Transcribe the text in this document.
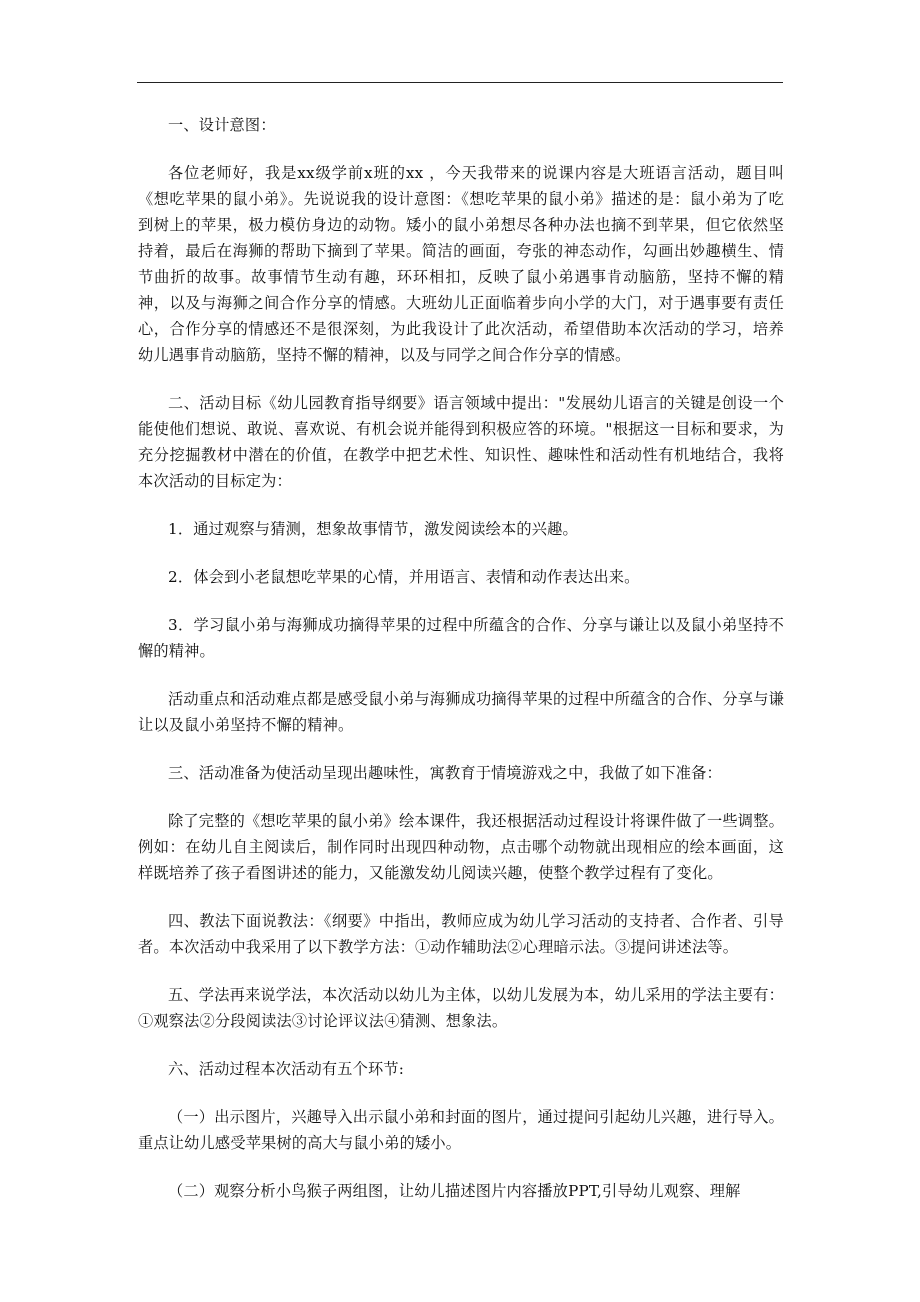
一、设计意图：

各位老师好，我是xx级学前x班的xx ，今天我带来的说课内容是大班语言活动，题目叫《想吃苹果的鼠小弟》。先说说我的设计意图：《想吃苹果的鼠小弟》描述的是：鼠小弟为了吃到树上的苹果，极力模仿身边的动物。矮小的鼠小弟想尽各种办法也摘不到苹果，但它依然坚持着，最后在海狮的帮助下摘到了苹果。简洁的画面，夸张的神态动作，勾画出妙趣横生、情节曲折的故事。故事情节生动有趣，环环相扣，反映了鼠小弟遇事肯动脑筋，坚持不懈的精神，以及与海狮之间合作分享的情感。大班幼儿正面临着步向小学的大门，对于遇事要有责任心，合作分享的情感还不是很深刻，为此我设计了此次活动，希望借助本次活动的学习，培养幼儿遇事肯动脑筋，坚持不懈的精神，以及与同学之间合作分享的情感。

二、活动目标《幼儿园教育指导纲要》语言领域中提出："发展幼儿语言的关键是创设一个能使他们想说、敢说、喜欢说、有机会说并能得到积极应答的环境。"根据这一目标和要求，为充分挖掘教材中潜在的价值，在教学中把艺术性、知识性、趣味性和活动性有机地结合，我将本次活动的目标定为：

1．通过观察与猜测，想象故事情节，激发阅读绘本的兴趣。

2．体会到小老鼠想吃苹果的心情，并用语言、表情和动作表达出来。

3．学习鼠小弟与海狮成功摘得苹果的过程中所蕴含的合作、分享与谦让以及鼠小弟坚持不懈的精神。

活动重点和活动难点都是感受鼠小弟与海狮成功摘得苹果的过程中所蕴含的合作、分享与谦让以及鼠小弟坚持不懈的精神。

三、活动准备为使活动呈现出趣味性，寓教育于情境游戏之中，我做了如下准备：

除了完整的《想吃苹果的鼠小弟》绘本课件，我还根据活动过程设计将课件做了一些调整。例如：在幼儿自主阅读后，制作同时出现四种动物，点击哪个动物就出现相应的绘本画面，这样既培养了孩子看图讲述的能力，又能激发幼儿阅读兴趣，使整个教学过程有了变化。

四、教法下面说教法：《纲要》中指出，教师应成为幼儿学习活动的支持者、合作者、引导者。本次活动中我采用了以下教学方法：①动作辅助法②心理暗示法。③提问讲述法等。

五、学法再来说学法，本次活动以幼儿为主体，以幼儿发展为本，幼儿采用的学法主要有：①观察法②分段阅读法③讨论评议法④猜测、想象法。

六、活动过程本次活动有五个环节:

（一）出示图片，兴趣导入出示鼠小弟和封面的图片，通过提问引起幼儿兴趣，进行导入。重点让幼儿感受苹果树的高大与鼠小弟的矮小。

（二）观察分析小鸟猴子两组图，让幼儿描述图片内容播放PPT,引导幼儿观察、理解
